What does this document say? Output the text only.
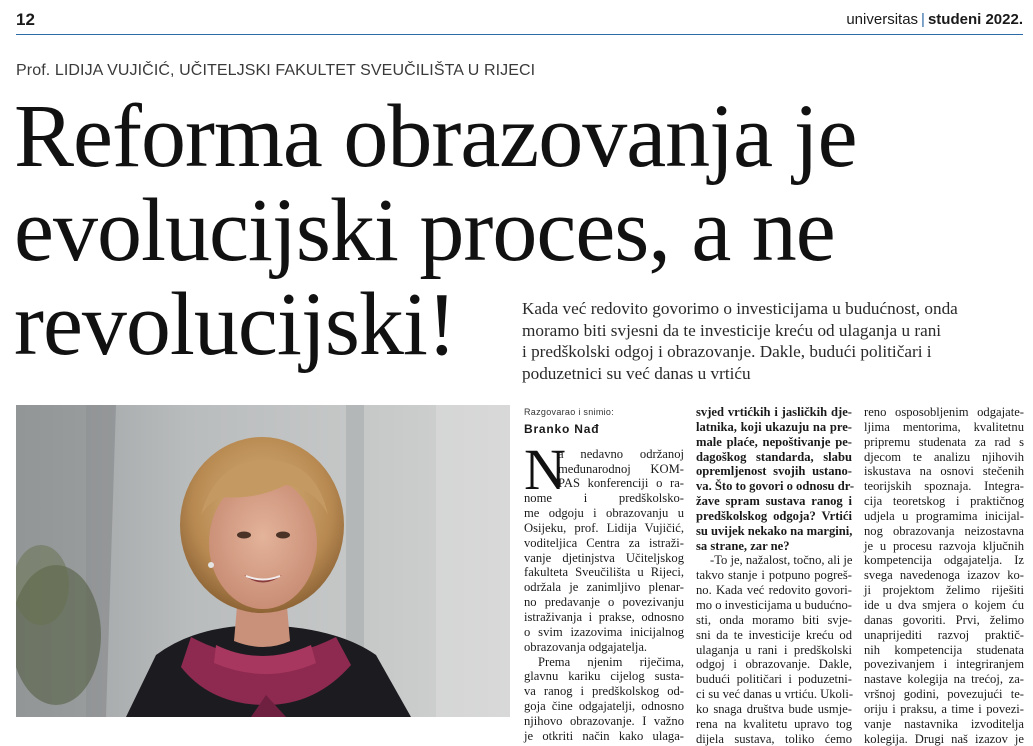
12	universitas | studeni 2022.
Prof. LIDIJA VUJIČIĆ, UČITELJSKI FAKULTET SVEUČILIŠTA U RIJECI
Reforma obrazovanja je
evolucijski proces, a ne
revolucijski!	Kada već redovito govorimo o investicijama u budućnost, onda
moramo biti svjesni da te investicije kreću od ulaganja u rani
i predškolski odgoj i obrazovanje. Dakle, budući političari i
poduzetnici su već danas u vrtiću
Razgovarao i snimio:
Branko Nađ
N
a nedavno održanoj
međunarodnoj KOM-
PAS konferenciji o ra-
nome i predškolsko-
me odgoju i obrazovanju u
Osijeku, prof. Lidija Vujičić,
voditeljica Centra za istraži-
vanje djetinjstva Učiteljskog
fakulteta Sveučilišta u Rijeci,
održala je zanimljivo plenar-
no predavanje o povezivanju
istraživanja i prakse, odnosno
o svim izazovima inicijalnog
obrazovanja odgajatelja.
Prema njenim riječima,
glavnu kariku cijelog sustа-
va ranog i predškolskog od-
goja čine odgajatelji, odnosno
njihovo obrazovanje. I važno
je otkriti način kako ulaga-
svjed vrtićkih i jasličkih dje-
latnika, koji ukazuju na pre-
male plaće, nepoštivanje pe-
dagoškog standarda, slabu
opremljenost svojih ustano-
va. Što to govori o odnosu dr-
žave spram sustava ranog i
predškolskog odgoja? Vrtići
su uvijek nekako na margini,
sa strane, zar ne?
-To je, nažalost, točno, ali je
takvo stanje i potpuno pogreš-
no. Kada već redovito govori-
mo o investicijama u budućno-
sti, onda moramo biti svje-
sni da te investicije kreću od
ulaganja u rani i predškolski
odgoj i obrazovanje. Dakle,
budući političari i poduzetni-
ci su već danas u vrtiću. Ukoli-
ko snaga društva bude usmje-
rena na kvalitetu upravo tog
dijela sustava, toliko ćemo
reno osposobljenim odgajate-
ljima mentorima, kvalitetnu
pripremu studenata za rad s
djecom te analizu njihovih
iskustava na osnovi stečenih
teorijskih spoznaja. Integra-
cija teoretskog i praktičnog
udjela u programima inicijal-
nog obrazovanja neizostavna
je u procesu razvoja ključnih
kompetencija odgajatelja. Iz
svega navedenoga izazov ko-
ji projektom želimo riješiti
ide u dva smjera o kojem ću
danas govoriti. Prvi, želimo
unaprijediti razvoj praktič-
nih kompetencija studenata
povezivanjem i integriranjem
nastave kolegija na trećoj, za-
vršnoj godini, povezujući te-
oriju i praksu, a time i povezi-
vanje nastavnika izvoditelja
kolegija. Drugi naš izazov je
